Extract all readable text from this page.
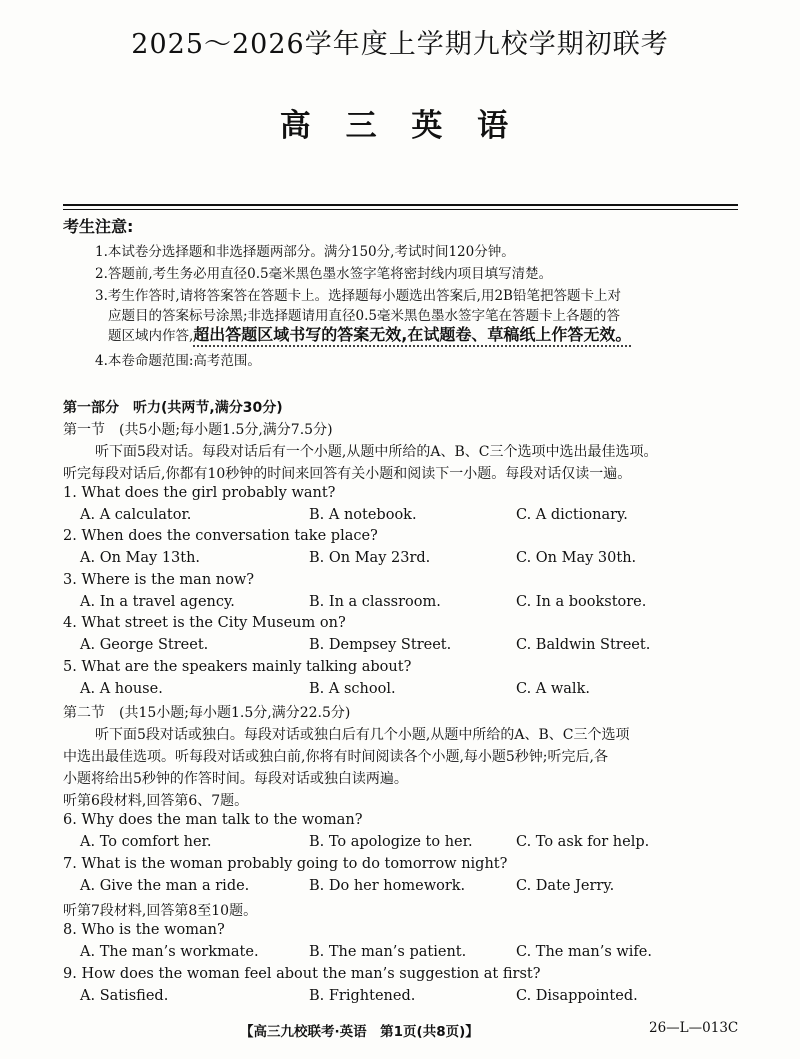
2025～2026学年度上学期九校学期初联考
高 三 英 语
考生注意:
1.本试卷分选择题和非选择题两部分。满分150分,考试时间120分钟。
2.答题前,考生务必用直径0.5毫米黑色墨水签字笔将密封线内项目填写清楚。
3.考生作答时,请将答案答在答题卡上。选择题每小题选出答案后,用2B铅笔把答题卡上对
应题目的答案标号涂黑;非选择题请用直径0.5毫米黑色墨水签字笔在答题卡上各题的答
题区域内作答,超出答题区域书写的答案无效,在试题卷、草稿纸上作答无效。
4.本卷命题范围:高考范围。
第一部分　听力(共两节,满分30分)
第一节　(共5小题;每小题1.5分,满分7.5分)
听下面5段对话。每段对话后有一个小题,从题中所给的A、B、C三个选项中选出最佳选项。
听完每段对话后,你都有10秒钟的时间来回答有关小题和阅读下一小题。每段对话仅读一遍。
1. What does the girl probably want?
A. A calculator.	B. A notebook.	C. A dictionary.
2. When does the conversation take place?
A. On May 13th.	B. On May 23rd.	C. On May 30th.
3. Where is the man now?
A. In a travel agency.	B. In a classroom.	C. In a bookstore.
4. What street is the City Museum on?
A. George Street.	B. Dempsey Street.	C. Baldwin Street.
5. What are the speakers mainly talking about?
A. A house.	B. A school.	C. A walk.
第二节　(共15小题;每小题1.5分,满分22.5分)
听下面5段对话或独白。每段对话或独白后有几个小题,从题中所给的A、B、C三个选项
中选出最佳选项。听每段对话或独白前,你将有时间阅读各个小题,每小题5秒钟;听完后,各
小题将给出5秒钟的作答时间。每段对话或独白读两遍。
听第6段材料,回答第6、7题。
6. Why does the man talk to the woman?
A. To comfort her.	B. To apologize to her.	C. To ask for help.
7. What is the woman probably going to do tomorrow night?
A. Give the man a ride.	B. Do her homework.	C. Date Jerry.
听第7段材料,回答第8至10题。
8. Who is the woman?
A. The man’s workmate.	B. The man’s patient.	C. The man’s wife.
9. How does the woman feel about the man’s suggestion at first?
A. Satisfied.	B. Frightened.	C. Disappointed.
【高三九校联考·英语　第1页(共8页)】	26—L—013C
